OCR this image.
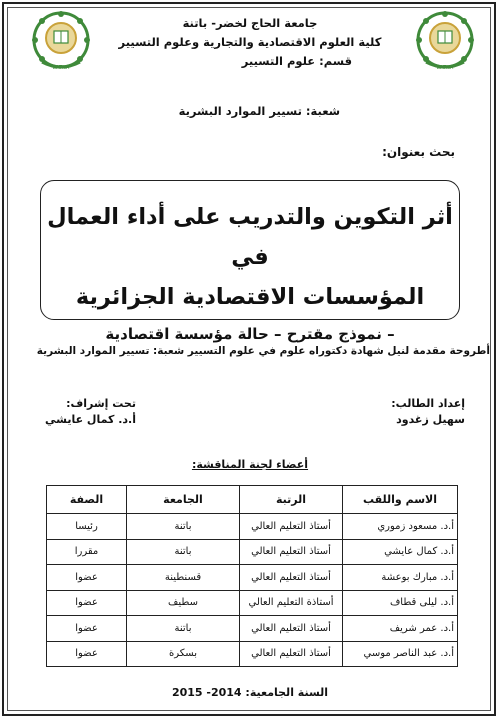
BATNA	BATNA
جامعة الحاج لخضر- باتنة
كلية العلوم الاقتصادية والتجارية وعلوم التسيير
قسم: علوم التسيير
شعبة: تسيير الموارد البشرية
بحث بعنوان:
أثر التكوين والتدريب على أداء العمال في
المؤسسات الاقتصادية الجزائرية
– نموذج مقترح – حالة مؤسسة اقتصادية
أطروحة مقدمة لنيل شهادة دكتوراه علوم في علوم التسيير شعبة: تسيير الموارد البشرية
إعداد الطالب:
سهيل زغدود
تحت إشراف:
أ.د. كمال عايشي
أعضاء لجنة المناقشة:
الاسم واللقب	الرتبة	الجامعة	الصفة
أ.د. مسعود زموري	أستاذ التعليم العالي	باتنة	رئيسا
أ.د. كمال عايشي	أستاذ التعليم العالي	باتنة	مقررا
أ.د. مبارك بوعشة	أستاذ التعليم العالي	قسنطينة	عضوا
أ.د. ليلى قطاف	أستاذة التعليم العالي	سطيف	عضوا
أ.د. عمر شريف	أستاذ التعليم العالي	باتنة	عضوا
أ.د. عبد الناصر موسي	أستاذ التعليم العالي	بسكرة	عضوا
السنة الجامعية: 2014- 2015
